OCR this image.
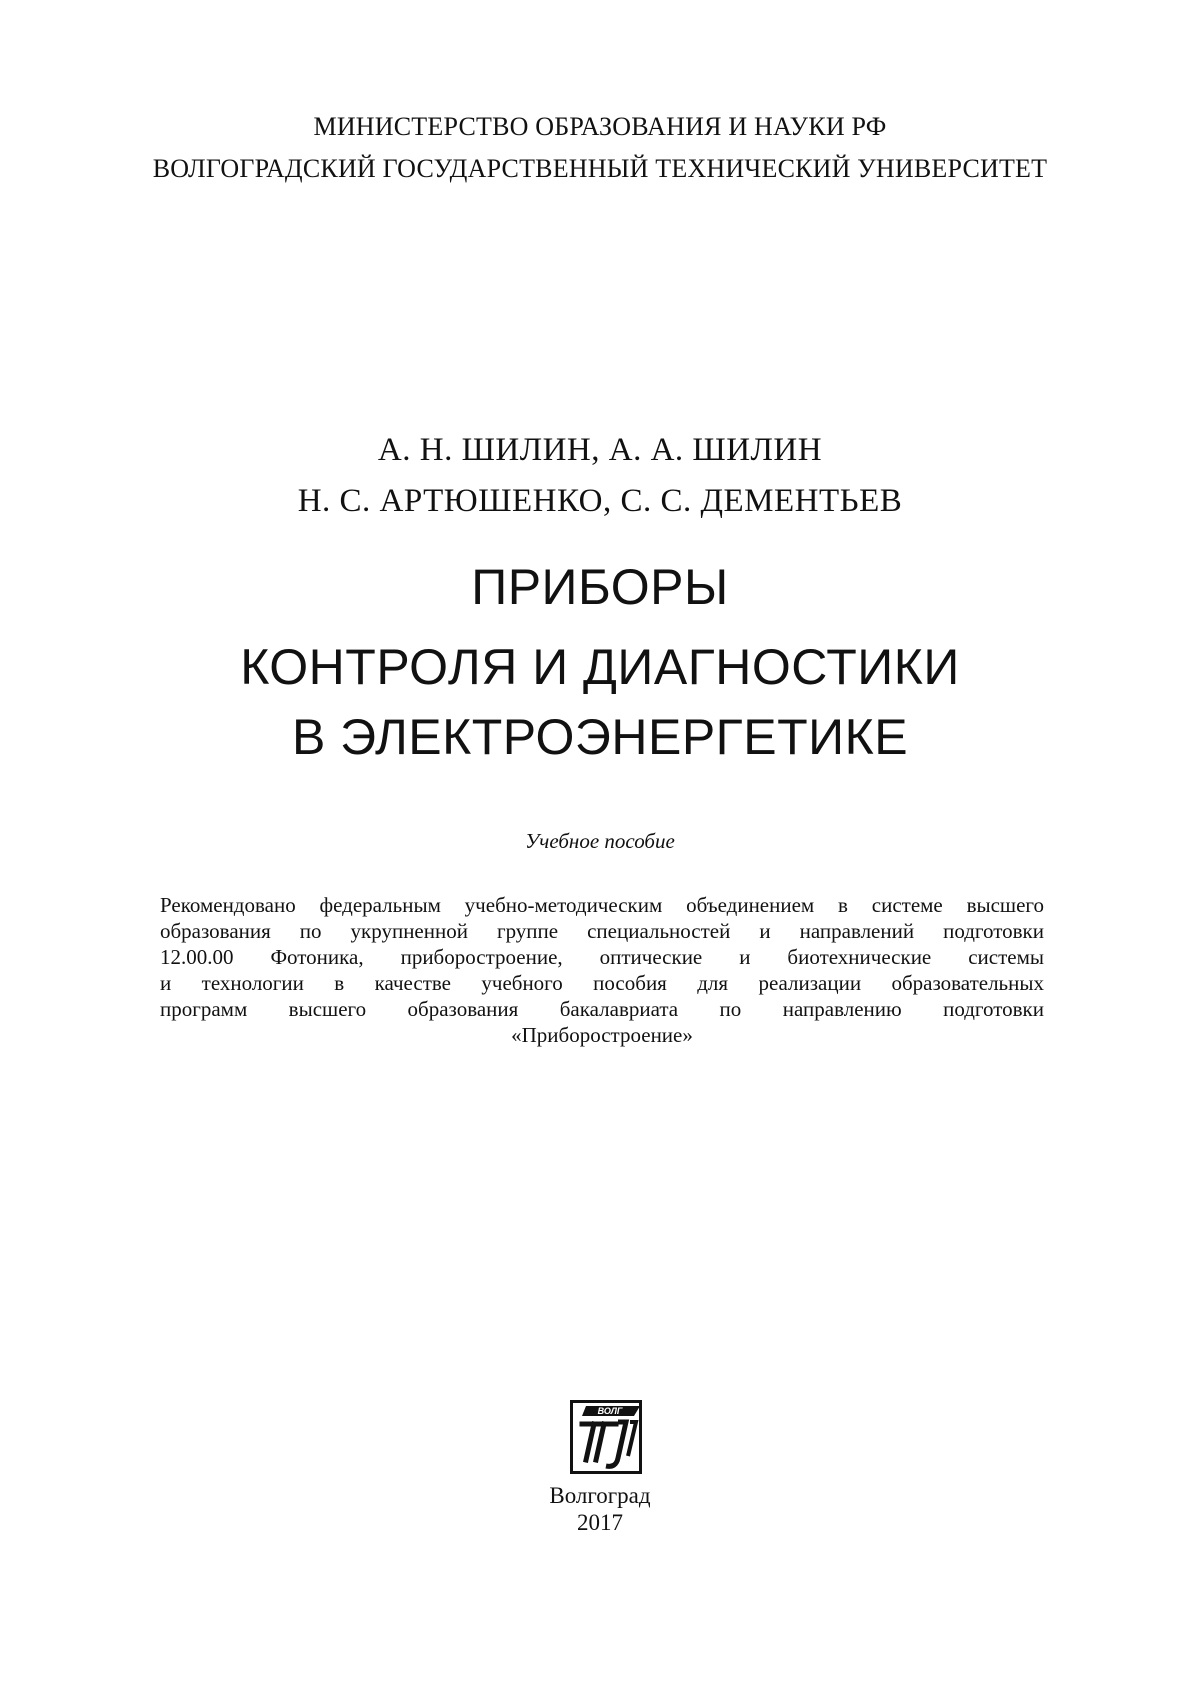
МИНИСТЕРСТВО ОБРАЗОВАНИЯ И НАУКИ РФ
ВОЛГОГРАДСКИЙ ГОСУДАРСТВЕННЫЙ ТЕХНИЧЕСКИЙ УНИВЕРСИТЕТ
А. Н. ШИЛИН, А. А. ШИЛИН
Н. С. АРТЮШЕНКО, С. С. ДЕМЕНТЬЕВ
ПРИБОРЫ
КОНТРОЛЯ И ДИАГНОСТИКИ
В ЭЛЕКТРОЭНЕРГЕТИКЕ
Учебное пособие
Рекомендовано федеральным учебно-методическим объединением в системе высшего
образования по укрупненной группе специальностей и направлений подготовки
12.00.00 Фотоника, приборостроение, оптические и биотехнические системы
и технологии в качестве учебного пособия для реализации образовательных
программ высшего образования бакалавриата по направлению подготовки
«Приборостроение»
ВОЛГ
Волгоград
2017
